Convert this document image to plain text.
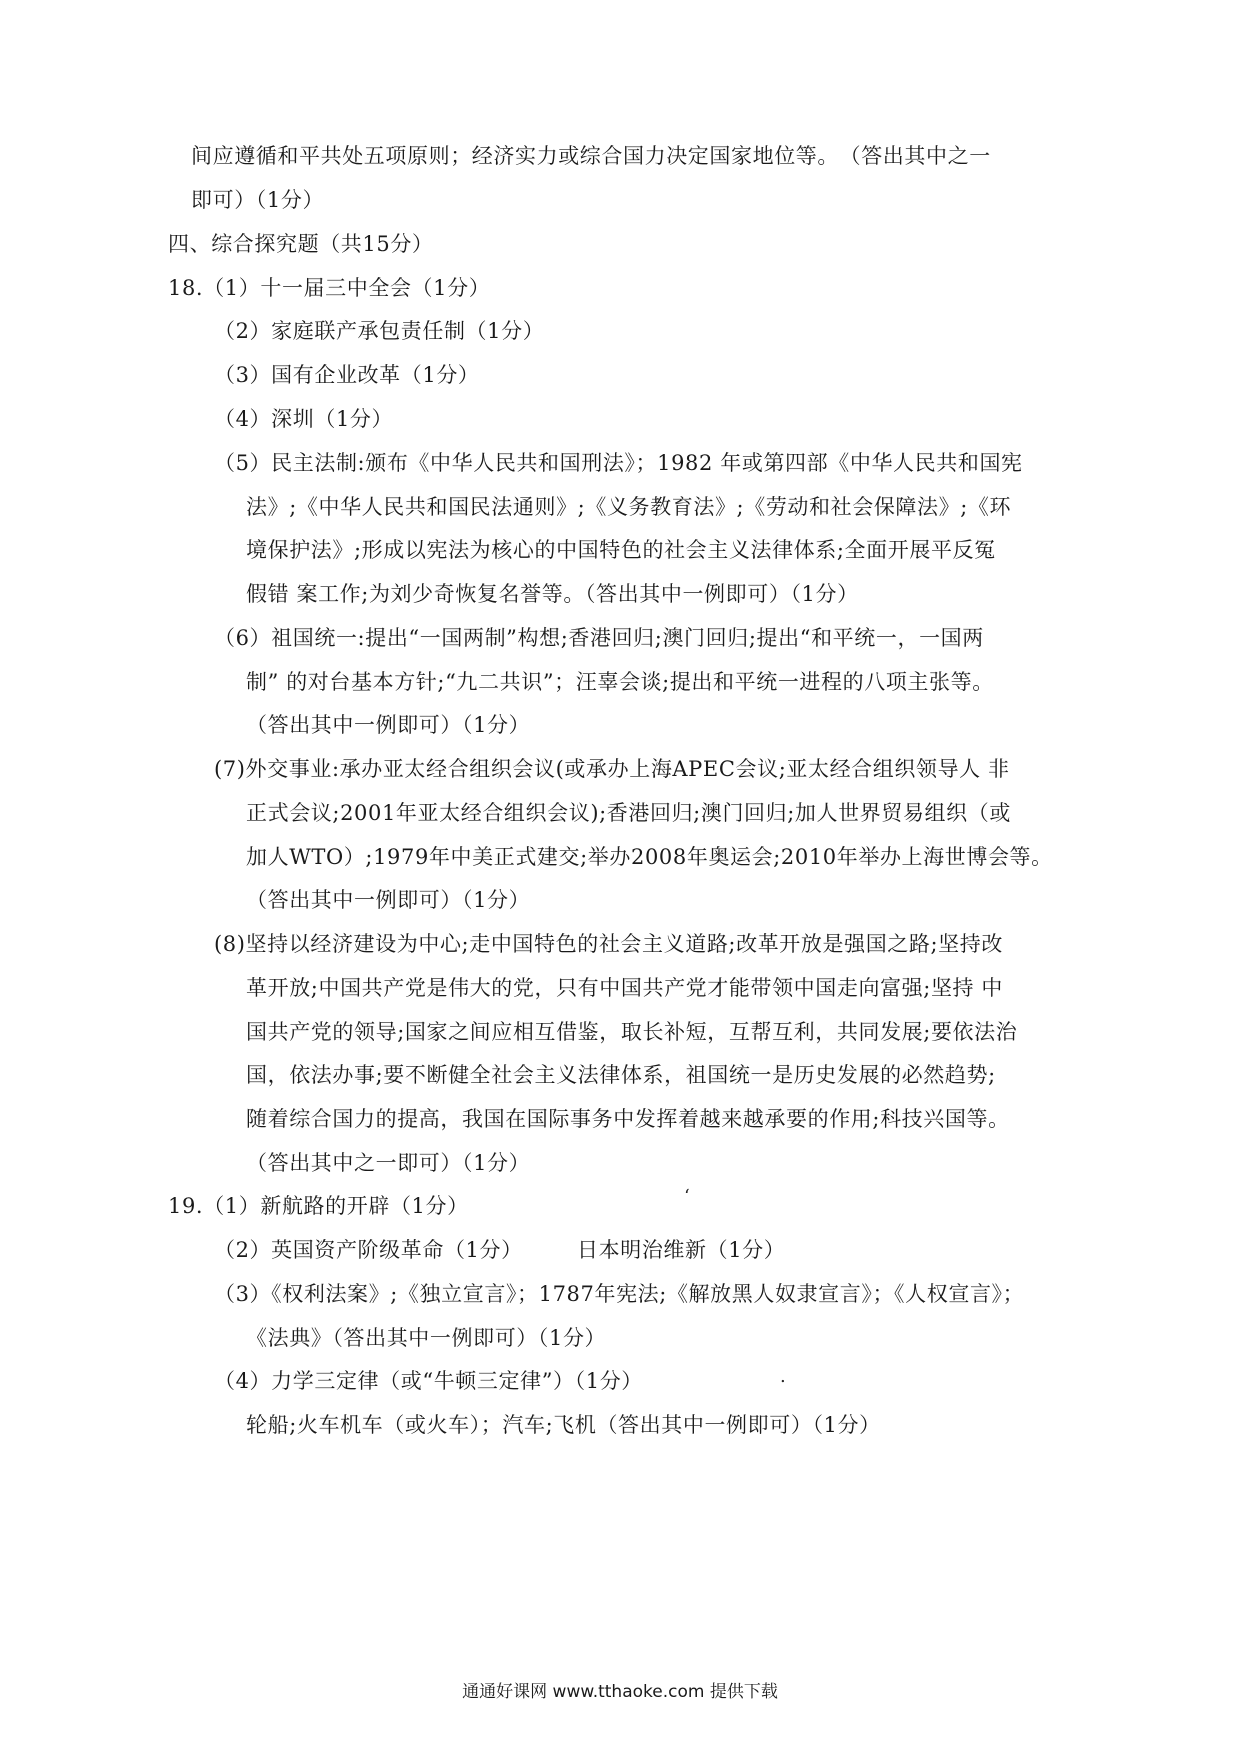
间应遵循和平共处五项原则；经济实力或综合国力决定国家地位等。　（答出其中之一
即可）（1分）
四、综合探究题（共15分）
18.（1）十一届三中全会（1分）
（2）家庭联产承包责任制（1分）
（3）国有企业改革（1分）
（4）深圳（1分）
（5）民主法制:颁布《中华人民共和国刑法》；1982 年或第四部《中华人民共和国宪
法》;《中华人民共和国民法通则》;《义务教育法》;《劳动和社会保障法》;《环
境保护法》;形成以宪法为核心的中国特色的社会主义法律体系;全面开展平反冤
假错 案工作;为刘少奇恢复名誉等。（答出其中一例即可）（1分）
（6）祖国统一:提出“一国两制”构想;香港回归;澳门回归;提出“和平统一，一国两
制” 的对台基本方针;“九二共识”；汪辜会谈;提出和平统一进程的八项主张等。
（答出其中一例即可）（1分）
(7)外交事业:承办亚太经合组织会议(或承办上海APEC会议;亚太经合组织领导人 非
正式会议;2001年亚太经合组织会议);香港回归;澳门回归;加人世界贸易组织（或
加人WTO）;1979年中美正式建交;举办2008年奥运会;2010年举办上海世博会等。
（答出其中一例即可）（1分）
(8)坚持以经济建设为中心;走中国特色的社会主义道路;改革开放是强国之路;坚持改
革开放;中国共产党是伟大的党，只有中国共产党才能带领中国走向富强;坚持 中
国共产党的领导;国家之间应相互借鉴，取长补短，互帮互利，共同发展;要依法治
国，依法办事;要不断健全社会主义法律体系，祖国统一是历史发展的必然趋势;
随着综合国力的提高，我国在国际事务中发挥着越来越承要的作用;科技兴国等。
（答出其中之一即可）（1分）
19.（1）新航路的开辟（1分）
（2）英国资产阶级革命（1分）　　　日本明治维新（1分）
（3）《权利法案》;《独立宣言》；1787年宪法;《解放黑人奴隶宣言》；《人权宣言》；
《法典》（答出其中一例即可）（1分）
（4）力学三定律（或“牛顿三定律”）（1分）
轮船;火车机车（或火车）；汽车;飞机（答出其中一例即可）（1分）
‘
.
通通好课网 www.tthaoke.com 提供下载
